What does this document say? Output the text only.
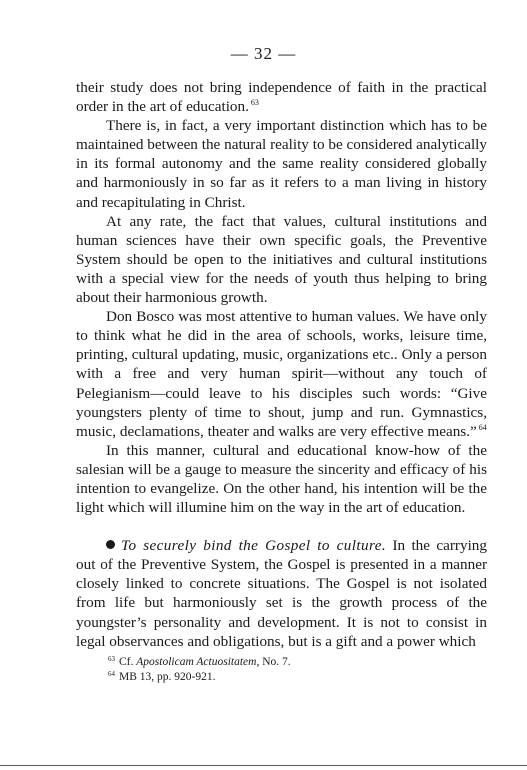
— 32 —

their study does not bring independence of faith in the practical order in the art of education. $^{63}$

There is, in fact, a very important distinction which has to be maintained between the natural reality to be considered analytically in its formal autonomy and the same reality considered globally and harmoniously in so far as it refers to a man living in history and recapitulating in Christ.

At any rate, the fact that values, cultural institutions and human sciences have their own specific goals, the Preventive System should be open to the initiatives and cultural institutions with a special view for the needs of youth thus helping to bring about their harmonious growth.

Don Bosco was most attentive to human values. We have only to think what he did in the area of schools, works, leisure time, printing, cultural updating, music, organizations etc.. Only a person with a free and very human spirit—without any touch of Pelegianism—could leave to his disciples such words: “Give youngsters plenty of time to shout, jump and run. Gymnastics, music, declamations, theater and walks are very effective means.” $^{64}$

In this manner, cultural and educational know-how of the salesian will be a gauge to measure the sincerity and efficacy of his intention to evangelize. On the other hand, his intention will be the light which will illumine him on the way in the art of education.

To securely bind the Gospel to culture. In the carrying out of the Preventive System, the Gospel is presented in a manner closely linked to concrete situations. The Gospel is not isolated from life but harmoniously set is the growth process of the youngster’s personality and development. It is not to consist in legal observances and obligations, but is a gift and a power which

$^{63}$ Cf. Apostolicam Actuositatem, No. 7.

$^{64}$ MB 13, pp. 920-921.
